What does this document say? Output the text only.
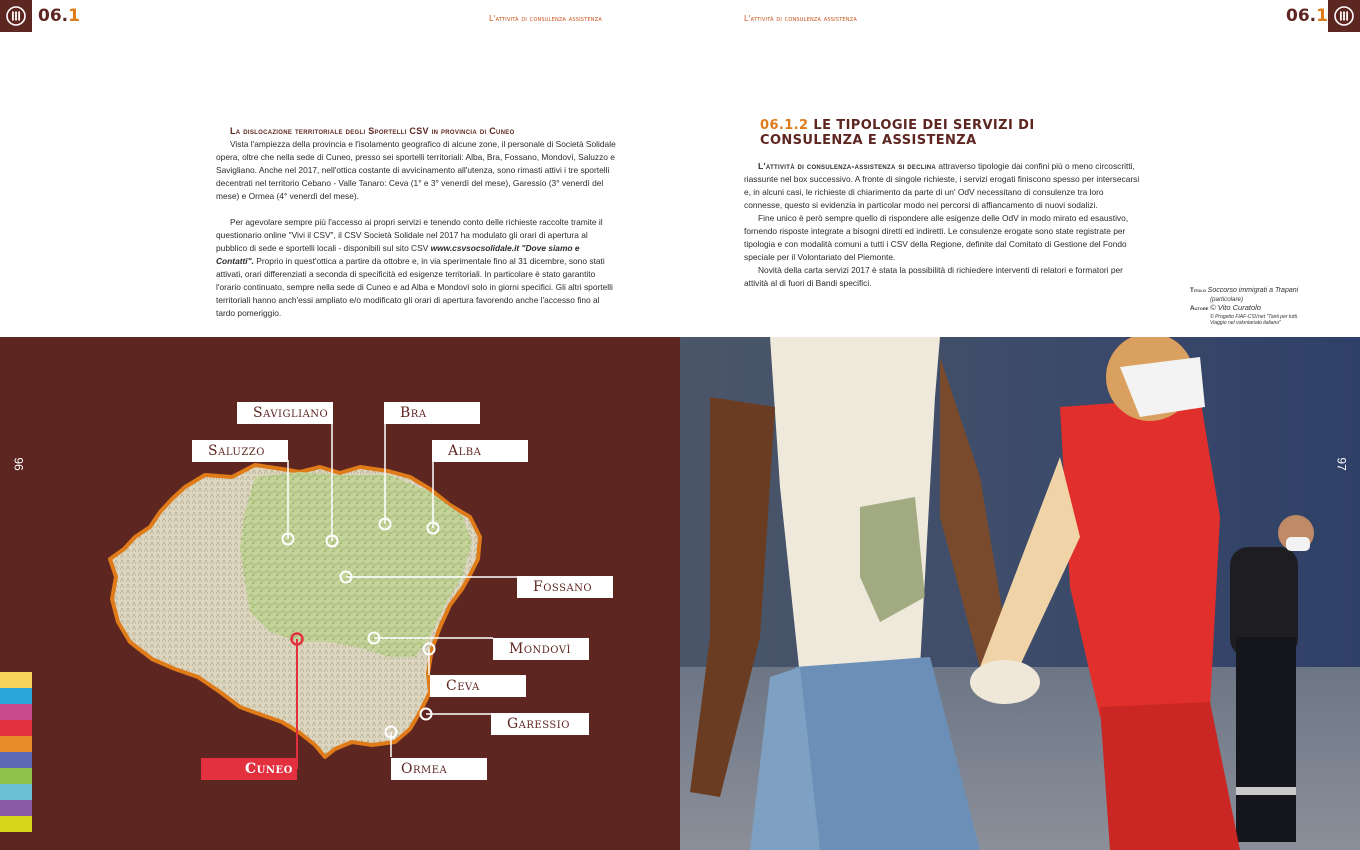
06.1	L'attività di consulenza assistenza	L'attività di consulenza assistenza	06.1
La dislocazione territoriale degli Sportelli CSV in provincia di Cuneo

Vista l'ampiezza della provincia e l'isolamento geografico di alcune zone, il personale di Società Solidale opera, oltre che nella sede di Cuneo, presso sei sportelli territoriali: Alba, Bra, Fossano, Mondovì, Saluzzo e Savigliano. Anche nel 2017, nell'ottica costante di avvicinamento all'utenza, sono rimasti attivi i tre sportelli decentrati nel territorio Cebano - Valle Tanaro: Ceva (1° e 3° venerdì del mese), Garessio (3° venerdì del mese) e Ormea (4° venerdì del mese).

Per agevolare sempre più l'accesso ai propri servizi e tenendo conto delle richieste raccolte tramite il questionario online "Vivi il CSV", il CSV Società Solidale nel 2017 ha modulato gli orari di apertura al pubblico di sede e sportelli locali - disponibili sul sito CSV www.csvsocsolidale.it "Dove siamo e Contatti". Proprio in quest'ottica a partire da ottobre e, in via sperimentale fino al 31 dicembre, sono stati attivati, orari differenziati a seconda di specificità ed esigenze territoriali. In particolare è stato garantito l'orario continuato, sempre nella sede di Cuneo e ad Alba e Mondovì solo in giorni specifici. Gli altri sportelli territoriali hanno anch'essi ampliato e/o modificato gli orari di apertura favorendo anche l'accesso fino al tardo pomeriggio.

06.1.2 LE TIPOLOGIE DEI SERVIZI DI CONSULENZA E ASSISTENZA

L'attività di consulenza-assistenza si declina attraverso tipologie dai confini più o meno circoscritti, riassunte nel box successivo. A fronte di singole richieste, i servizi erogati finiscono spesso per intersecarsi e, in alcuni casi, le richieste di chiarimento da parte di un' OdV necessitano di consulenze tra loro connesse, questo si evidenzia in particolar modo nei percorsi di affiancamento di nuovi sodalizi.

Fine unico è però sempre quello di rispondere alle esigenze delle OdV in modo mirato ed esaustivo, fornendo risposte integrate a bisogni diretti ed indiretti. Le consulenze erogate sono state registrate per tipologia e con modalità comuni a tutti i CSV della Regione, definite dal Comitato di Gestione del Fondo speciale per il Volontariato del Piemonte.

Novità della carta servizi 2017 è stata la possibilità di richiedere interventi di relatori e formatori per attività al di fuori di Bandi specifici.

Titolo Soccorso immigrati a Trapani
(particolare)
Autore © Vito Curatolo
© Progetto FIAF-CSVnet "Tanti per tutti.
Viaggio nel volontariato italiano"
Savigliano	Bra
Saluzzo	Alba
Fossano
Mondovì
Ceva
Garessio
Cuneo	Ormea
96	97
